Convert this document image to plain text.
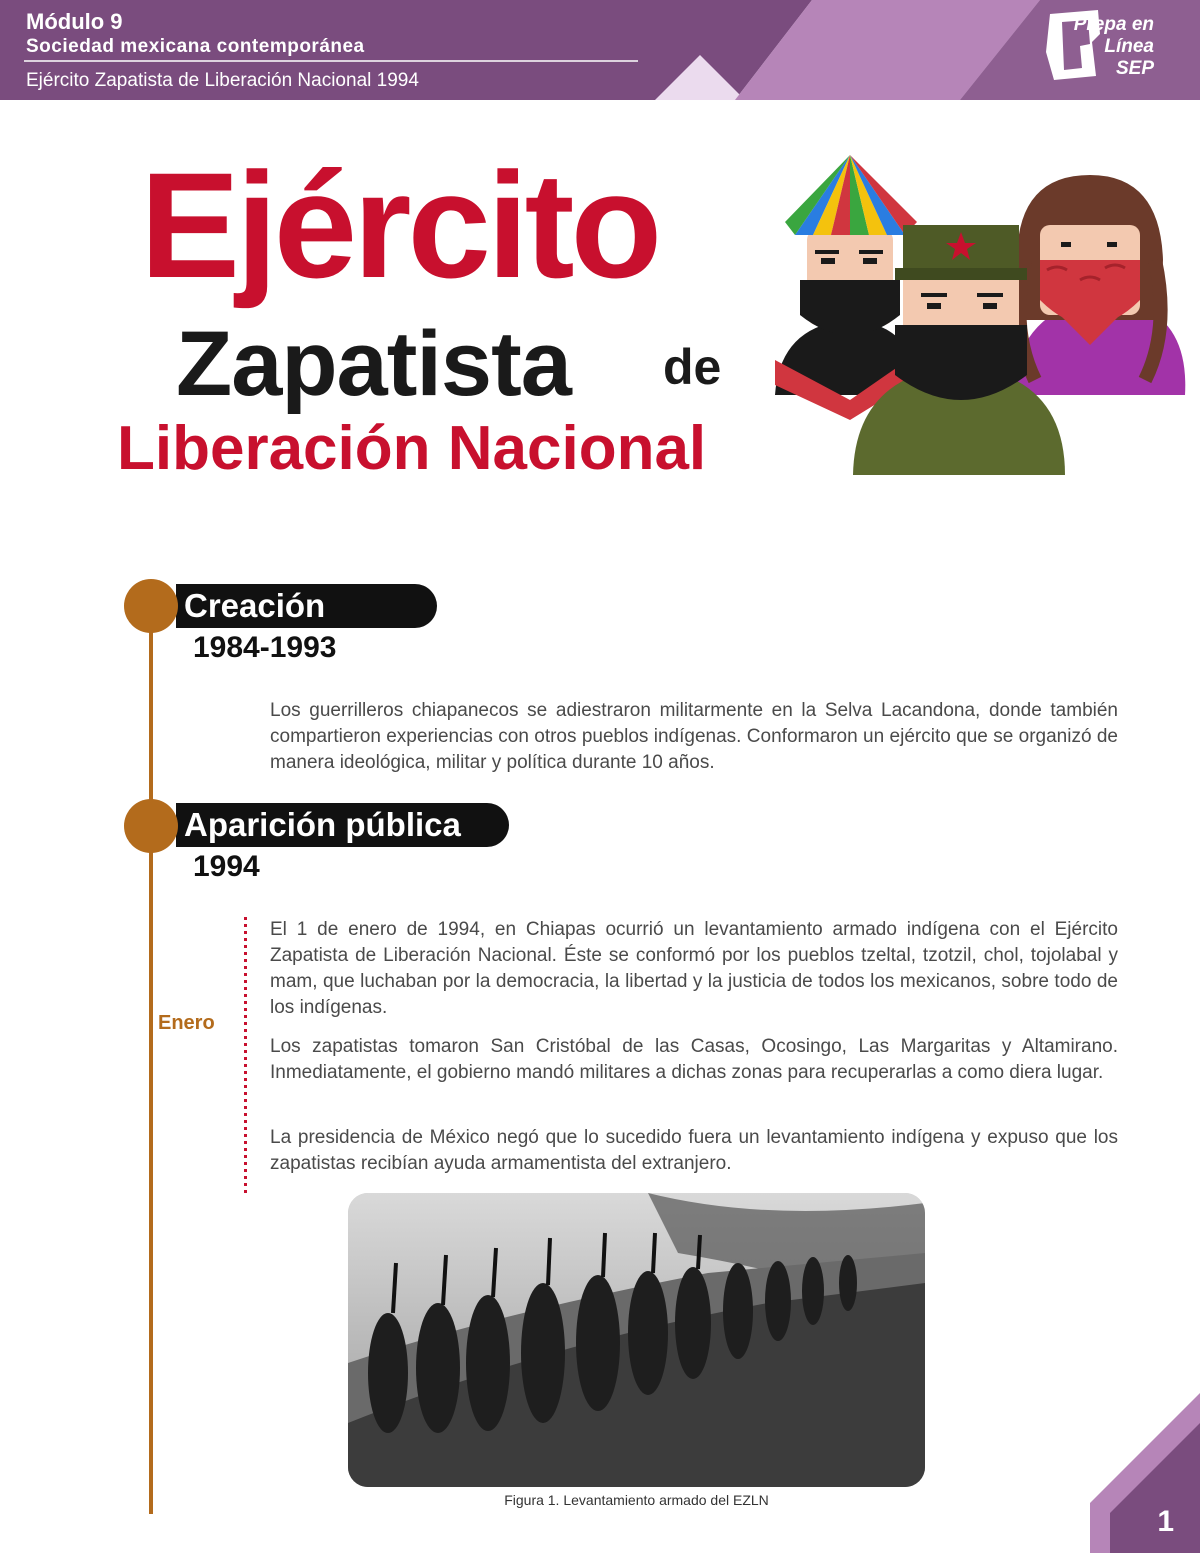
Módulo 9
Sociedad mexicana contemporánea
Ejército Zapatista de Liberación Nacional 1994
Prepa en
Línea
SEP
Ejército
Zapatista de
Liberación Nacional
Creación
1984-1993
Los guerrilleros chiapanecos se adiestraron militarmente en la Selva Lacandona, donde también compartieron experiencias con otros pueblos indígenas. Conformaron un ejército que se organizó de manera ideológica, militar y política durante 10 años.
Aparición pública
1994
Enero
El 1 de enero de 1994, en Chiapas ocurrió un levantamiento armado indígena con el Ejército Zapatista de Liberación Nacional. Éste se conformó por los pueblos tzeltal, tzotzil, chol, tojolabal y mam, que luchaban por la democracia, la libertad y la justicia de todos los mexicanos, sobre todo de los indígenas.
Los zapatistas tomaron San Cristóbal de las Casas, Ocosingo, Las Margaritas y Altamirano. Inmediatamente, el gobierno mandó militares a dichas zonas para recuperarlas a como diera lugar.
La presidencia de México negó que lo sucedido fuera un levantamiento indígena y expuso que los zapatistas recibían ayuda armamentista del extranjero.
Figura 1. Levantamiento armado del EZLN
1
